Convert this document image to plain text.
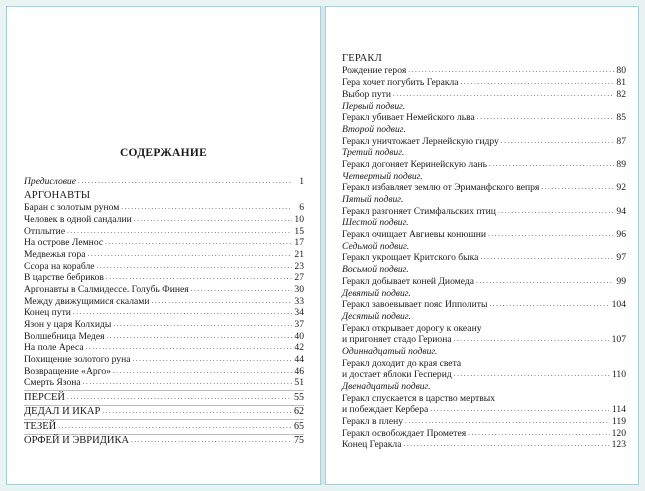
СОДЕРЖАНИЕ
Предисловие .....	1
АРГОНАВТЫ
Баран с золотым руном .....	6
Человек в одной сандалии .....	10
Отплытие .....	15
На острове Лемнос .....	17
Медвежья гора .....	21
Ссора на корабле .....	23
В царстве бебриков .....	27
Аргонавты в Салмидессе. Голубь Финея .....	30
Между движущимися скалами .....	33
Конец пути .....	34
Язон у царя Колхиды .....	37
Волшебница Медея .....	40
На поле Ареса .....	42
Похищение золотого руна .....	44
Возвращение «Арго» .....	46
Смерть Язона .....	51
ПЕРСЕЙ .....	55
ДЕДАЛ И ИКАР .....	62
ТЕЗЕЙ .....	65
ОРФЕЙ И ЭВРИДИКА .....	75
ГЕРАКЛ
Рождение героя .....	80
Гера хочет погубить Геракла .....	81
Выбор пути .....	82
Первый подвиг.
Геракл убивает Немейского льва .....	85
Второй подвиг.
Геракл уничтожает Лернейскую гидру .....	87
Третий подвиг.
Геракл догоняет Керинейскую лань .....	89
Четвертый подвиг.
Геракл избавляет землю от Эриманфского вепря .....	92
Пятый подвиг.
Геракл разгоняет Стимфальских птиц .....	94
Шестой подвиг.
Геракл очищает Авгиевы конюшни .....	96
Седьмой подвиг.
Геракл укрощает Критского быка .....	97
Восьмой подвиг.
Геракл добывает коней Диомеда .....	99
Девятый подвиг.
Геракл завоевывает пояс Ипполиты .....	104
Десятый подвиг.
Геракл открывает дорогу к океану
и пригоняет стадо Гериона .....	107
Одиннадцатый подвиг.
Геракл доходит до края света
и достает яблоки Гесперид .....	110
Двенадцатый подвиг.
Геракл спускается в царство мертвых
и побеждает Кербера .....	114
Геракл в плену .....	119
Геракл освобождает Прометея .....	120
Конец Геракла .....	123
